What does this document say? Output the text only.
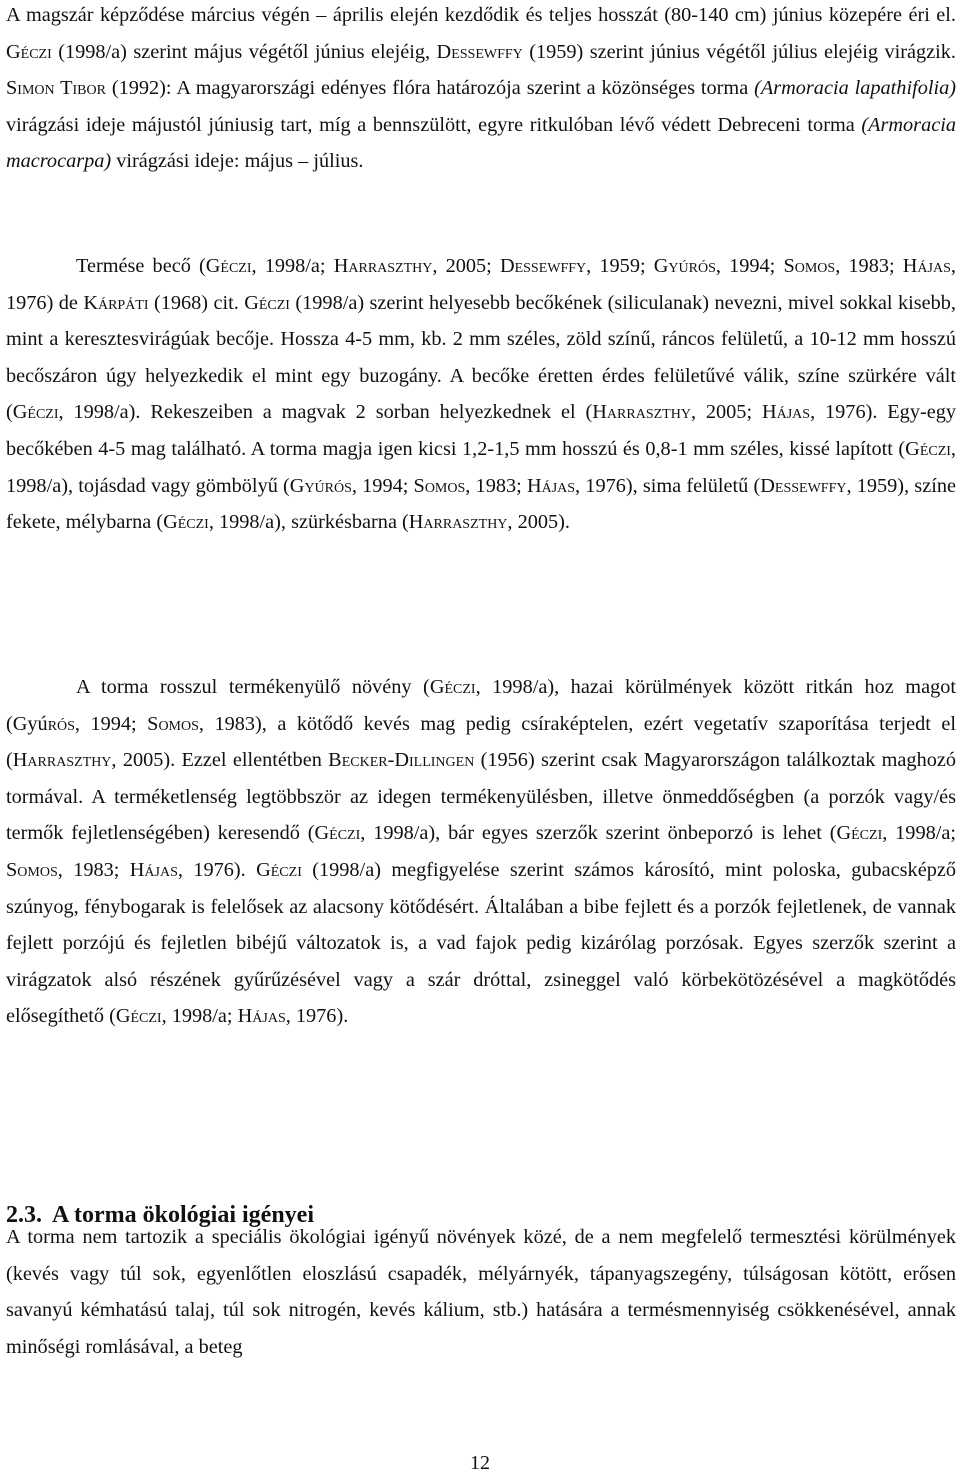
A magszár képződése március végén – április elején kezdődik és teljes hosszát (80-140 cm) június közepére éri el. Géczi (1998/a) szerint május végétől június elejéig, Dessewffy (1959) szerint június végétől július elejéig virágzik. Simon Tibor (1992): A magyarországi edényes flóra határozója szerint a közönséges torma (Armoracia lapathifolia) virágzási ideje májustól júniusig tart, míg a bennszülött, egyre ritkulóban lévő védett Debreceni torma (Armoracia macrocarpa) virágzási ideje: május – július.

Termése becő (Géczi, 1998/a; Harraszthy, 2005; Dessewffy, 1959; Gyúrós, 1994; Somos, 1983; Hájas, 1976) de Kárpáti (1968) cit. Géczi (1998/a) szerint helyesebb becőkének (siliculanak) nevezni, mivel sokkal kisebb, mint a keresztesvirágúak becője. Hossza 4-5 mm, kb. 2 mm széles, zöld színű, ráncos felületű, a 10-12 mm hosszú becőszáron úgy helyezkedik el mint egy buzogány. A becőke éretten érdes felületűvé válik, színe szürkére vált (Géczi, 1998/a). Rekeszeiben a magvak 2 sorban helyezkednek el (Harraszthy, 2005; Hájas, 1976). Egy-egy becőkében 4-5 mag található. A torma magja igen kicsi 1,2-1,5 mm hosszú és 0,8-1 mm széles, kissé lapított (Géczi, 1998/a), tojásdad vagy gömbölyű (Gyúrós, 1994; Somos, 1983; Hájas, 1976), sima felületű (Dessewffy, 1959), színe fekete, mélybarna (Géczi, 1998/a), szürkésbarna (Harraszthy, 2005).

A torma rosszul termékenyülő növény (Géczi, 1998/a), hazai körülmények között ritkán hoz magot (Gyúrós, 1994; Somos, 1983), a kötődő kevés mag pedig csíraképtelen, ezért vegetatív szaporítása terjedt el (Harraszthy, 2005). Ezzel ellentétben Becker-Dillingen (1956) szerint csak Magyarországon találkoztak maghozó tormával. A terméketlenség legtöbbször az idegen termékenyülésben, illetve önmeddőségben (a porzók vagy/és termők fejletlenségében) keresendő (Géczi, 1998/a), bár egyes szerzők szerint önbeporzó is lehet (Géczi, 1998/a; Somos, 1983; Hájas, 1976). Géczi (1998/a) megfigyelése szerint számos károsító, mint poloska, gubacsképző szúnyog, fénybogarak is felelősek az alacsony kötődésért. Általában a bibe fejlett és a porzók fejletlenek, de vannak fejlett porzójú és fejletlen bibéjű változatok is, a vad fajok pedig kizárólag porzósak. Egyes szerzők szerint a virágzatok alsó részének gyűrűzésével vagy a szár dróttal, zsineggel való körbekötözésével a magkötődés elősegíthető (Géczi, 1998/a; Hájas, 1976).

2.3. A torma ökológiai igényei

A torma nem tartozik a speciális ökológiai igényű növények közé, de a nem megfelelő termesztési körülmények (kevés vagy túl sok, egyenlőtlen eloszlású csapadék, mélyárnyék, tápanyagszegény, túlságosan kötött, erősen savanyú kémhatású talaj, túl sok nitrogén, kevés kálium, stb.) hatására a termésmennyiség csökkenésével, annak minőségi romlásával, a beteg

12
